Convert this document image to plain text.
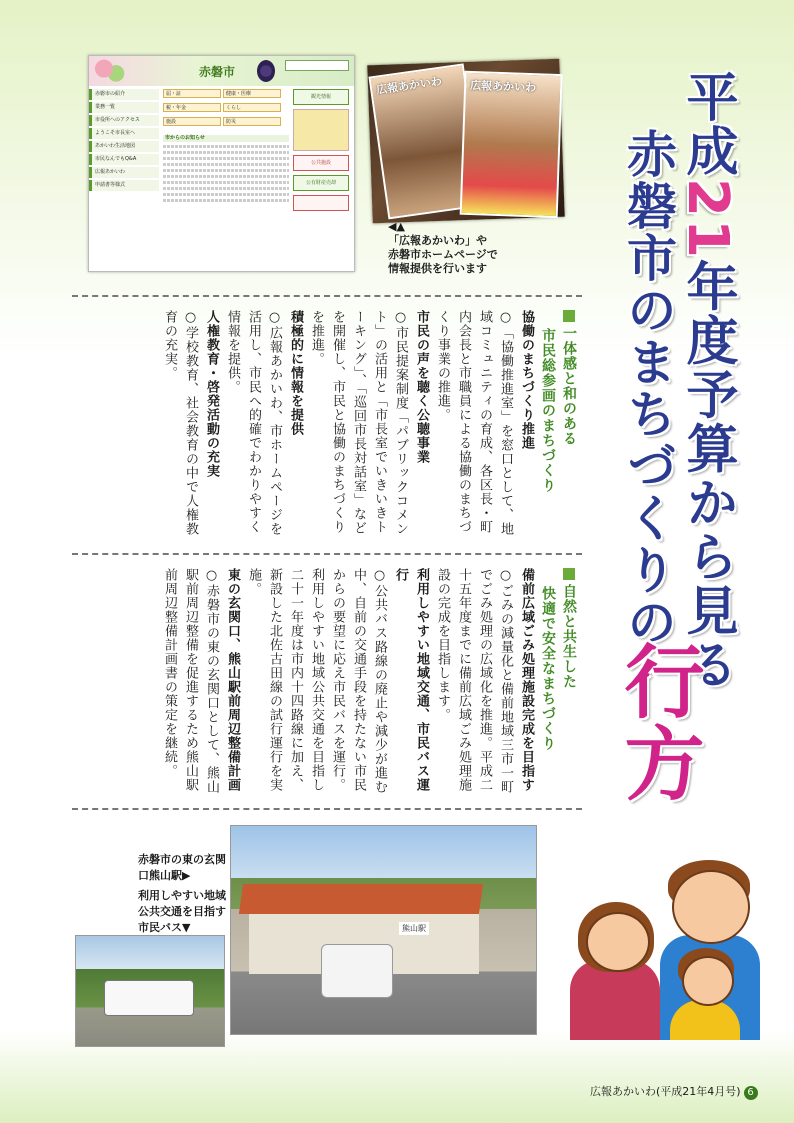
赤磐市
赤磐市の紹介
業務一覧
市役所へのアクセス
ようこそ市長室へ
あかいわ生活地図
市民なんでもQ&A
広報あかいわ
申請書等様式
届・証	健康・医療 税・年金	くらし 施設	防災
市からのお知らせ
観光情報
公共施設
公有財産売却
広報あかいわ 広報あかいわ
◀▲
「広報あかいわ」や
赤磐市ホームページで
情報提供を行います
平成21年度予算から見る
赤磐市のまちづくりの
行方
一体感と和のある
市民総参画のまちづくり
協働のまちづくり推進
○「協働推進室」を窓口として、地域コミュニティの育成、各区長・町内会長と市職員による協働のまちづくり事業の推進。
市民の声を聴く公聴事業
○市民提案制度「パブリックコメント」の活用と「市長室でいきいきトーキング」、「巡回市長対話室」などを開催し、市民と協働のまちづくりを推進。
積極的に情報を提供
○広報あかいわ、市ホームページを活用し、市民へ的確でわかりやすく情報を提供。
人権教育・啓発活動の充実
○学校教育、社会教育の中で人権教育の充実。
自然と共生した
快適で安全なまちづくり
備前広域ごみ処理施設完成を目指す
○ごみの減量化と備前地域三市一町でごみ処理の広域化を推進。平成二十五年度までに備前広域ごみ処理施設の完成を目指します。
利用しやすい地域交通、市民バス運行
○公共バス路線の廃止や減少が進む中、自前の交通手段を持たない市民からの要望に応え市民バスを運行。利用しやすい地域公共交通を目指し二十一年度は市内十四路線に加え、新設した北佐古田線の試行運行を実施。
東の玄関口、熊山駅前周辺整備計画
○赤磐市の東の玄関口として、熊山駅前周辺整備を促進するため熊山駅前周辺整備計画書の策定を継続。
熊山駅
赤磐市の東の玄関
口熊山駅▶
利用しやすい地域
公共交通を目指す
市民バス▼
広報あかいわ(平成21年4月号) 6
